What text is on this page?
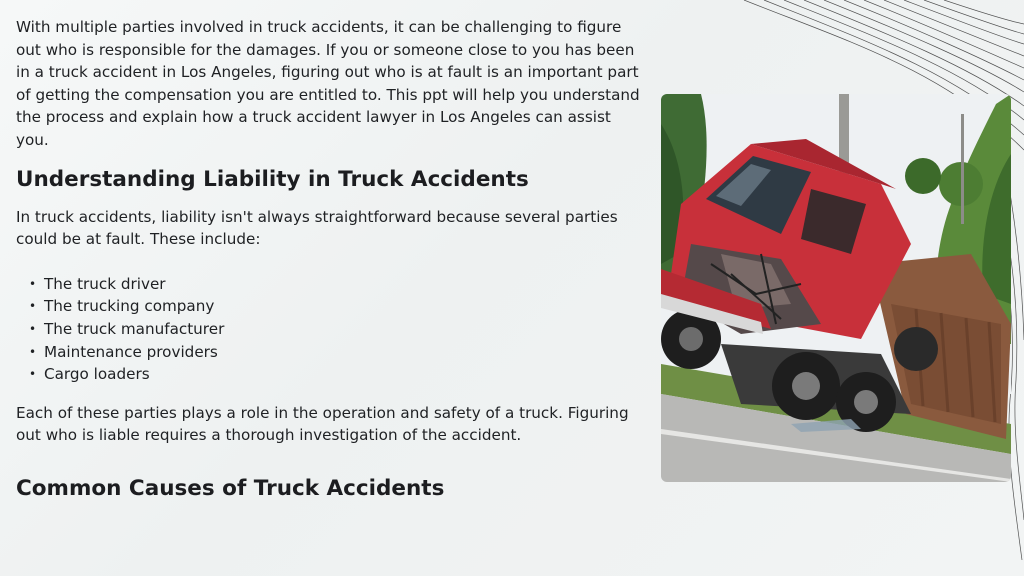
With multiple parties involved in truck accidents, it can be challenging to figure out who is responsible for the damages. If you or someone close to you has been in a truck accident in Los Angeles, figuring out who is at fault is an important part of getting the compensation you are entitled to. This ppt will help you understand the process and explain how a truck accident lawyer in Los Angeles can assist you.

Understanding Liability in Truck Accidents

In truck accidents, liability isn't always straightforward because several parties could be at fault. These include:

• The truck driver
• The trucking company
• The truck manufacturer
• Maintenance providers
• Cargo loaders

Each of these parties plays a role in the operation and safety of a truck. Figuring out who is liable requires a thorough investigation of the accident.

Common Causes of Truck Accidents
